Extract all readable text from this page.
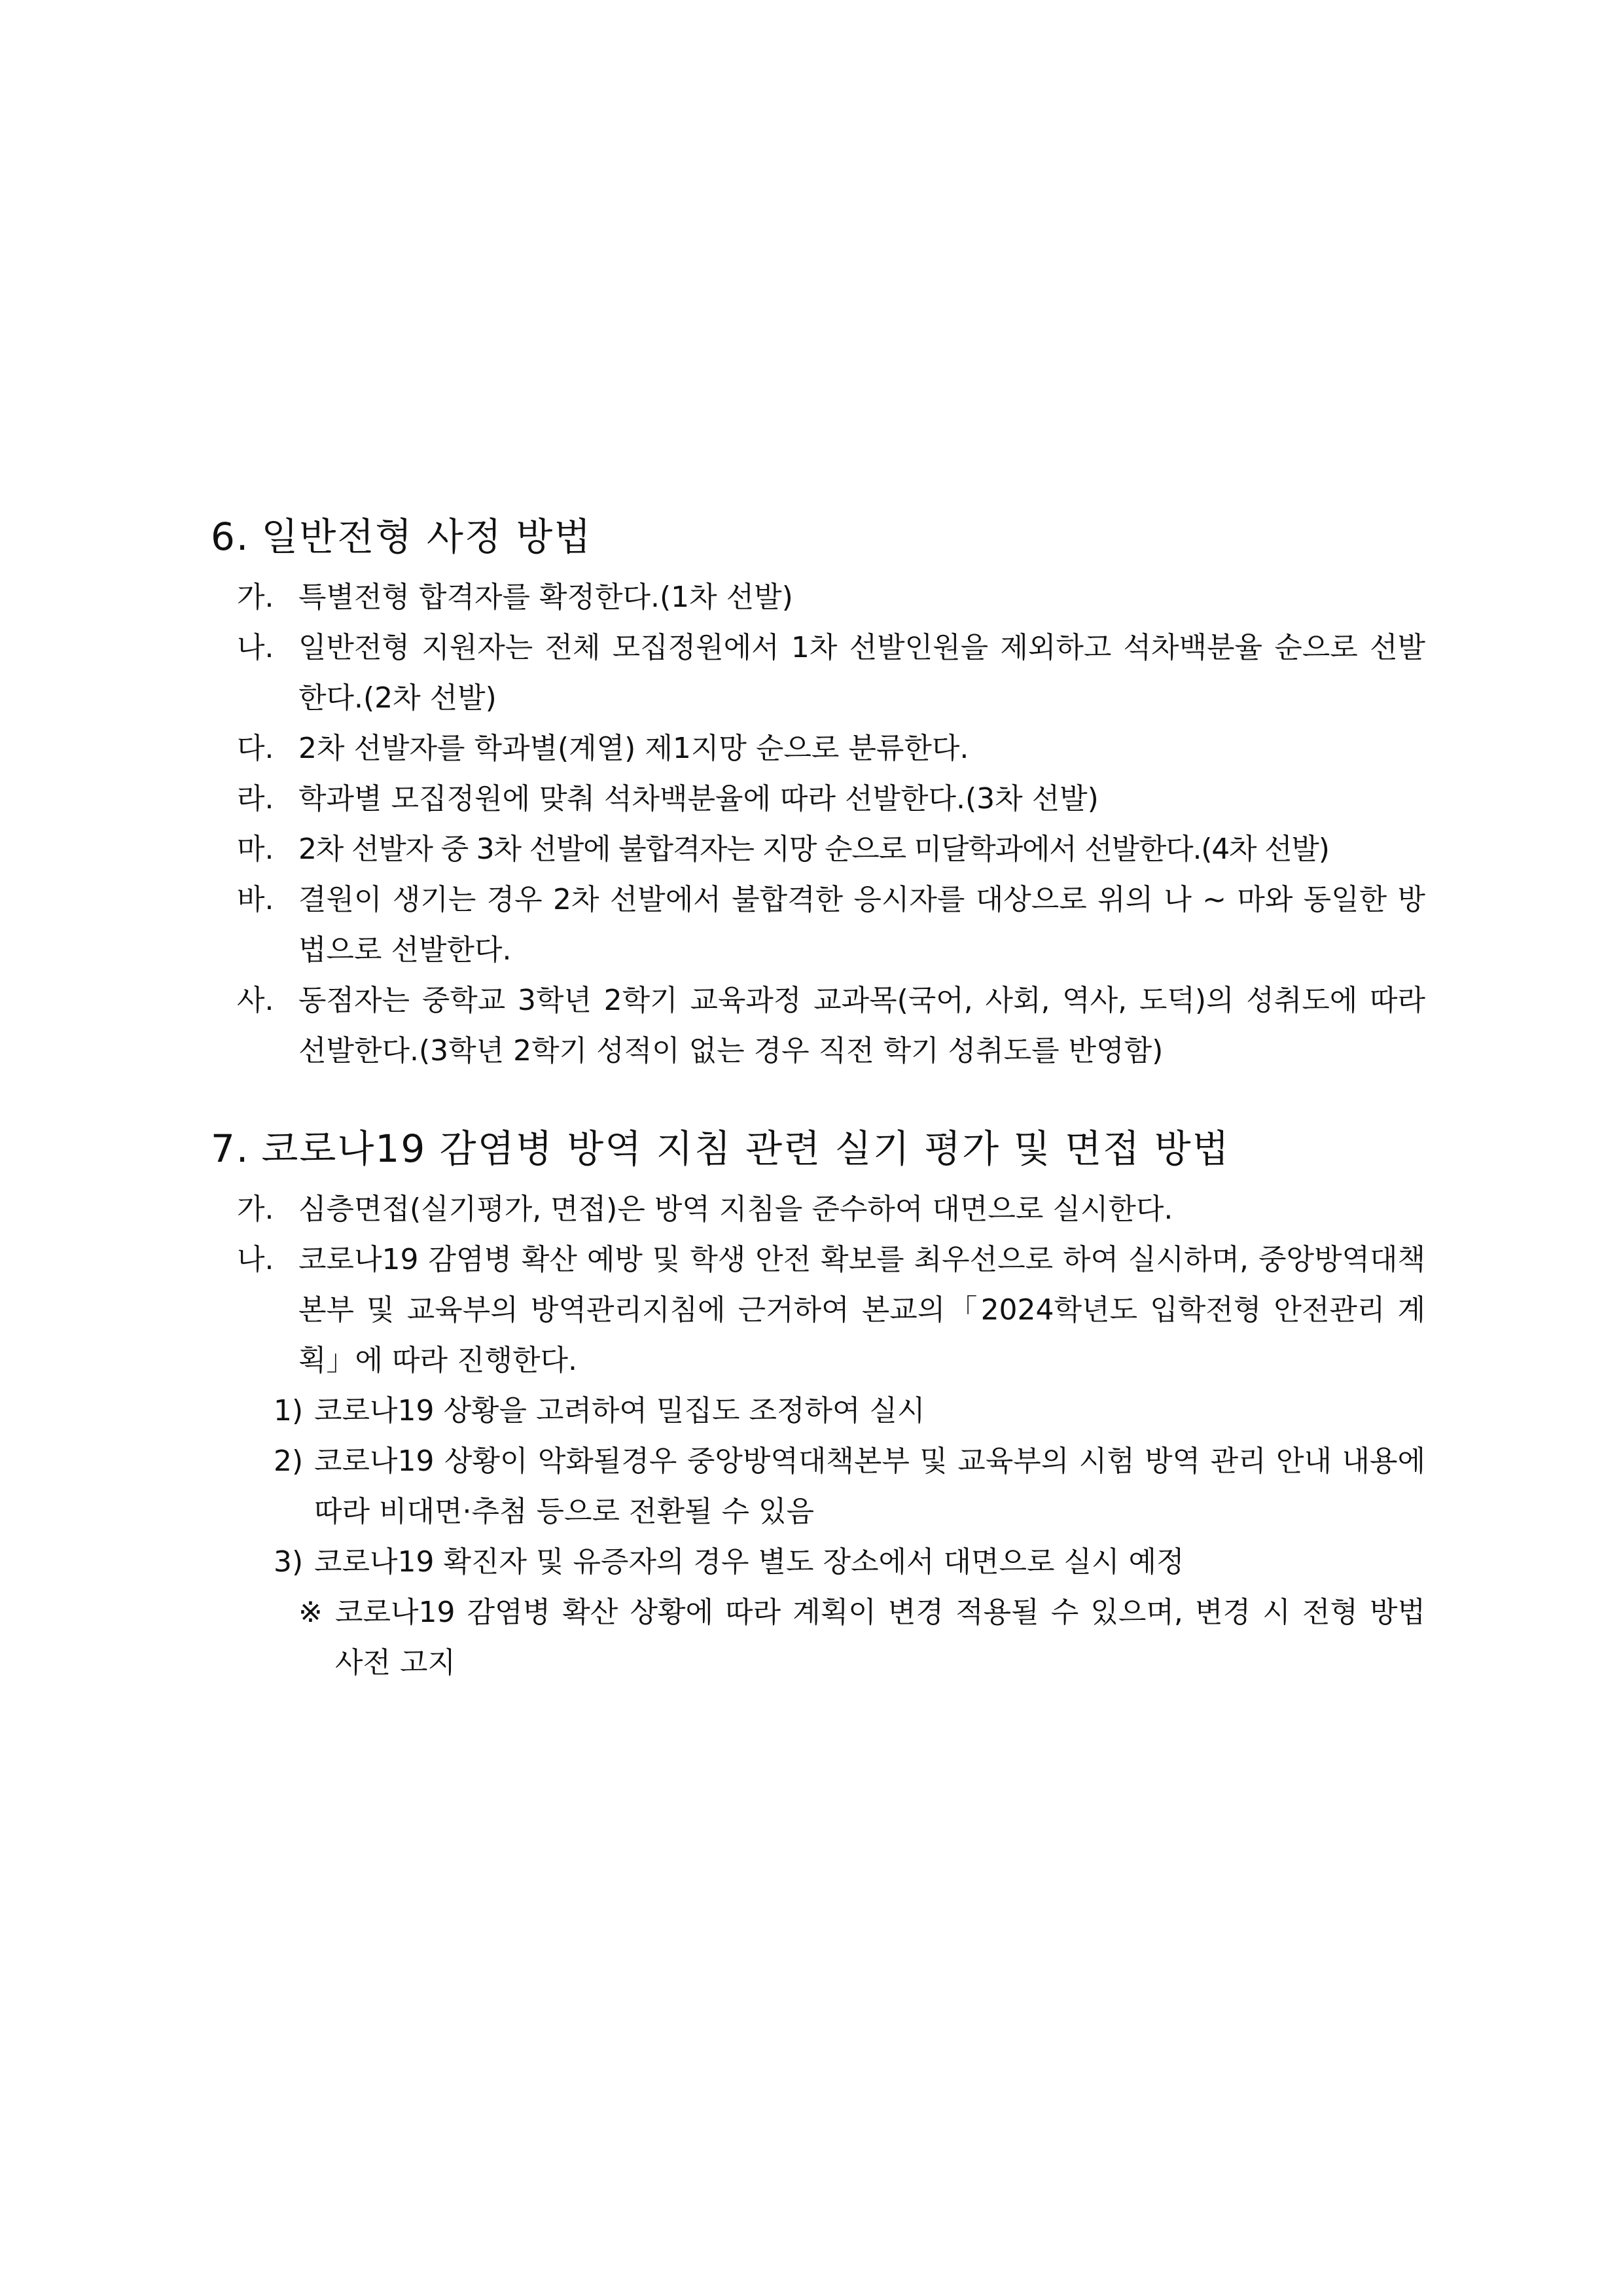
6. 일반전형 사정 방법
가. 특별전형 합격자를 확정한다.(1차 선발)
나. 일반전형 지원자는 전체 모집정원에서 1차 선발인원을 제외하고 석차백분율 순으로 선발한다.(2차 선발)
다. 2차 선발자를 학과별(계열) 제1지망 순으로 분류한다.
라. 학과별 모집정원에 맞춰 석차백분율에 따라 선발한다.(3차 선발)
마. 2차 선발자 중 3차 선발에 불합격자는 지망 순으로 미달학과에서 선발한다.(4차 선발)
바. 결원이 생기는 경우 2차 선발에서 불합격한 응시자를 대상으로 위의 나 ~ 마와 동일한 방법으로 선발한다.
사. 동점자는 중학교 3학년 2학기 교육과정 교과목(국어, 사회, 역사, 도덕)의 성취도에 따라 선발한다.(3학년 2학기 성적이 없는 경우 직전 학기 성취도를 반영함)
7. 코로나19 감염병 방역 지침 관련 실기 평가 및 면접 방법
가. 심층면접(실기평가, 면접)은 방역 지침을 준수하여 대면으로 실시한다.
나. 코로나19 감염병 확산 예방 및 학생 안전 확보를 최우선으로 하여 실시하며, 중앙방역대책본부 및 교육부의 방역관리지침에 근거하여 본교의「2024학년도 입학전형 안전관리 계획」에 따라 진행한다.
1) 코로나19 상황을 고려하여 밀집도 조정하여 실시
2) 코로나19 상황이 악화될경우 중앙방역대책본부 및 교육부의 시험 방역 관리 안내 내용에 따라 비대면·추첨 등으로 전환될 수 있음
3) 코로나19 확진자 및 유증자의 경우 별도 장소에서 대면으로 실시 예정
※ 코로나19 감염병 확산 상황에 따라 계획이 변경 적용될 수 있으며, 변경 시 전형 방법 사전 고지
